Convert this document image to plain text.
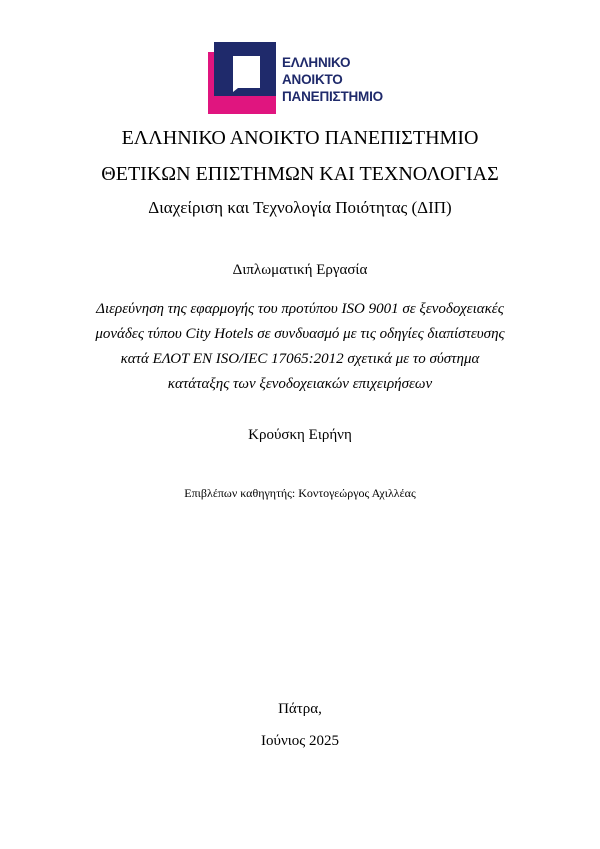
ΕΛΛΗΝΙΚΟ
ΑΝΟΙΚΤΟ
ΠΑΝΕΠΙΣΤΗΜΙΟ
ΕΛΛΗΝΙΚΟ ΑΝΟΙΚΤΟ ΠΑΝΕΠΙΣΤΗΜΙΟ
ΘΕΤΙΚΩΝ ΕΠΙΣΤΗΜΩΝ ΚΑΙ ΤΕΧΝΟΛΟΓΙΑΣ
Διαχείριση και Τεχνολογία Ποιότητας (ΔΙΠ)
Διπλωματική Εργασία
Διερεύνηση της εφαρμογής του προτύπου ISO 9001 σε ξενοδοχειακές
μονάδες τύπου City Hotels σε συνδυασμό με τις οδηγίες διαπίστευσης
κατά ΕΛΟΤ EN ISO/IEC 17065:2012 σχετικά με το σύστημα
κατάταξης των ξενοδοχειακών επιχειρήσεων
Κρούσκη Ειρήνη
Επιβλέπων καθηγητής: Κοντογεώργος Αχιλλέας
Πάτρα,
Ιούνιος 2025
